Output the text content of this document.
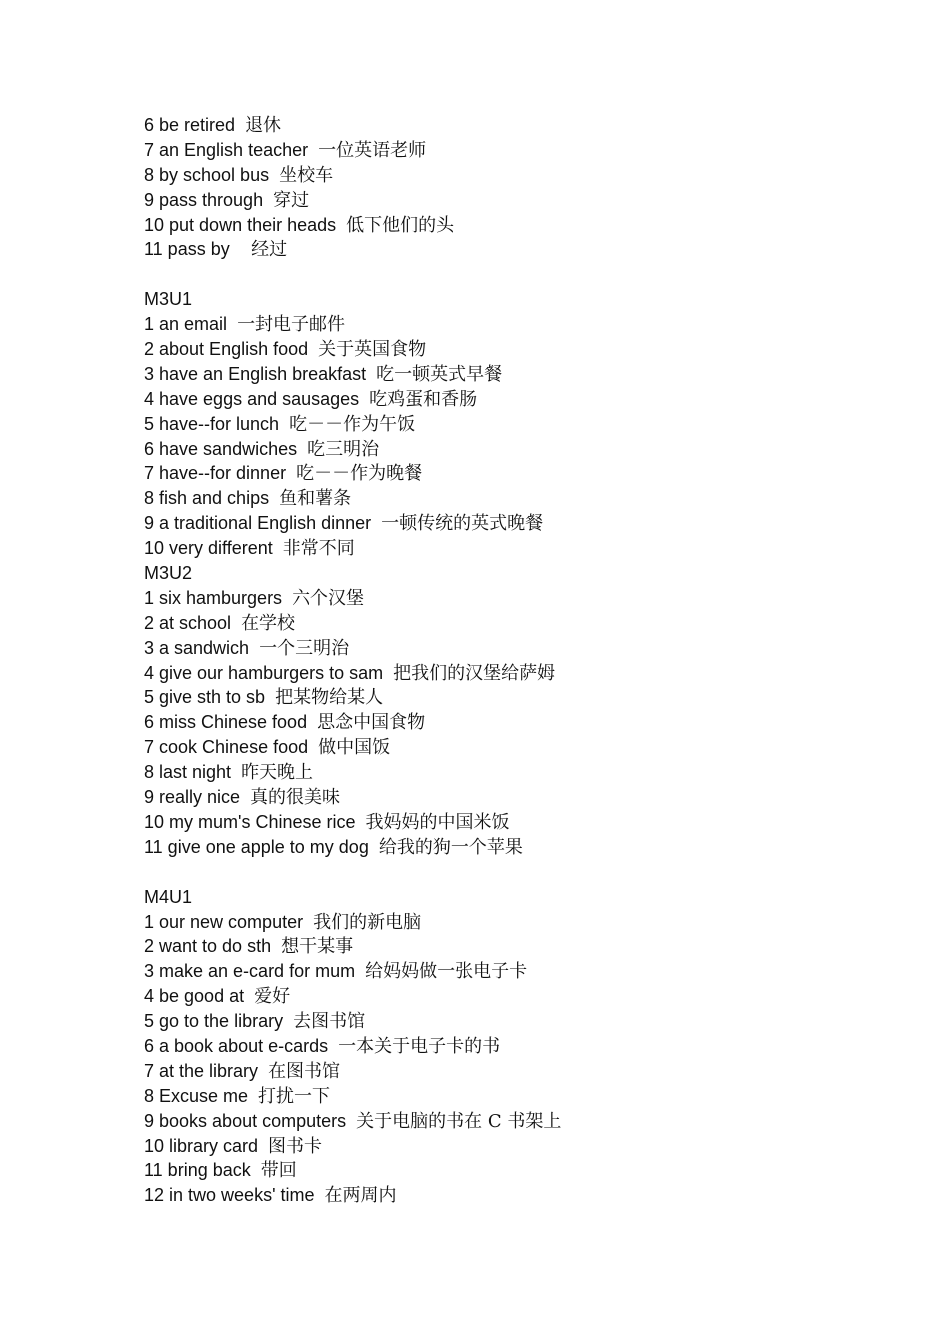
6 be retired 退休
7 an English teacher 一位英语老师
8 by school bus 坐校车
9 pass through 穿过
10 put down their heads 低下他们的头
11 pass by  经过
M3U1
1 an email 一封电子邮件
2 about English food 关于英国食物
3 have an English breakfast 吃一顿英式早餐
4 have eggs and sausages 吃鸡蛋和香肠
5 have--for lunch 吃－－作为午饭
6 have sandwiches 吃三明治
7 have--for dinner 吃－－作为晚餐
8 fish and chips 鱼和薯条
9 a traditional English dinner 一顿传统的英式晚餐
10 very different 非常不同
M3U2
1 six hamburgers 六个汉堡
2 at school 在学校
3 a sandwich 一个三明治
4 give our hamburgers to sam 把我们的汉堡给萨姆
5 give sth to sb 把某物给某人
6 miss Chinese food 思念中国食物
7 cook Chinese food 做中国饭
8 last night 昨天晚上
9 really nice 真的很美味
10 my mum's Chinese rice 我妈妈的中国米饭
11 give one apple to my dog 给我的狗一个苹果
M4U1
1 our new computer 我们的新电脑
2 want to do sth 想干某事
3 make an e-card for mum 给妈妈做一张电子卡
4 be good at 爱好
5 go to the library 去图书馆
6 a book about e-cards 一本关于电子卡的书
7 at the library 在图书馆
8 Excuse me 打扰一下
9 books about computers 关于电脑的书在 C 书架上
10 library card 图书卡
11 bring back 带回
12 in two weeks' time 在两周内
